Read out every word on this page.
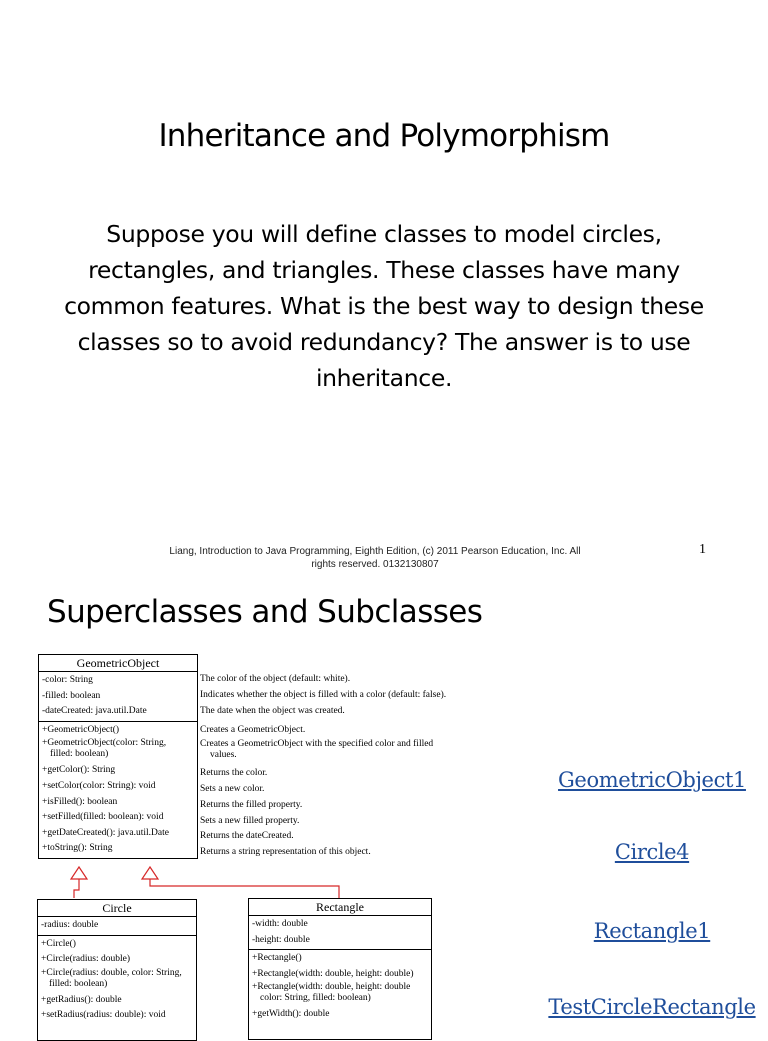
Inheritance and Polymorphism
Suppose you will define classes to model circles,
rectangles, and triangles. These classes have many
common features. What is the best way to design these
classes so to avoid redundancy? The answer is to use
inheritance.
Liang, Introduction to Java Programming, Eighth Edition, (c) 2011 Pearson Education, Inc. All
rights reserved. 0132130807
1
Superclasses and Subclasses
GeometricObject
-color: String
-filled: boolean
-dateCreated: java.util.Date
+GeometricObject()
+GeometricObject(color: String,
filled: boolean)
+getColor(): String
+setColor(color: String): void
+isFilled(): boolean
+setFilled(filled: boolean): void
+getDateCreated(): java.util.Date
+toString(): String
The color of the object (default: white).
Indicates whether the object is filled with a color (default: false).
The date when the object was created.
Creates a GeometricObject.
Creates a GeometricObject with the specified color and filled
values.
Returns the color.
Sets a new color.
Returns the filled property.
Sets a new filled property.
Returns the dateCreated.
Returns a string representation of this object.
Circle
-radius: double
+Circle()
+Circle(radius: double)
+Circle(radius: double, color: String,
filled: boolean)
+getRadius(): double
+setRadius(radius: double): void
Rectangle
-width: double
-height: double
+Rectangle()
+Rectangle(width: double, height: double)
+Rectangle(width: double, height: double
color: String, filled: boolean)
+getWidth(): double
GeometricObject1
Circle4
Rectangle1
TestCircleRectangle
